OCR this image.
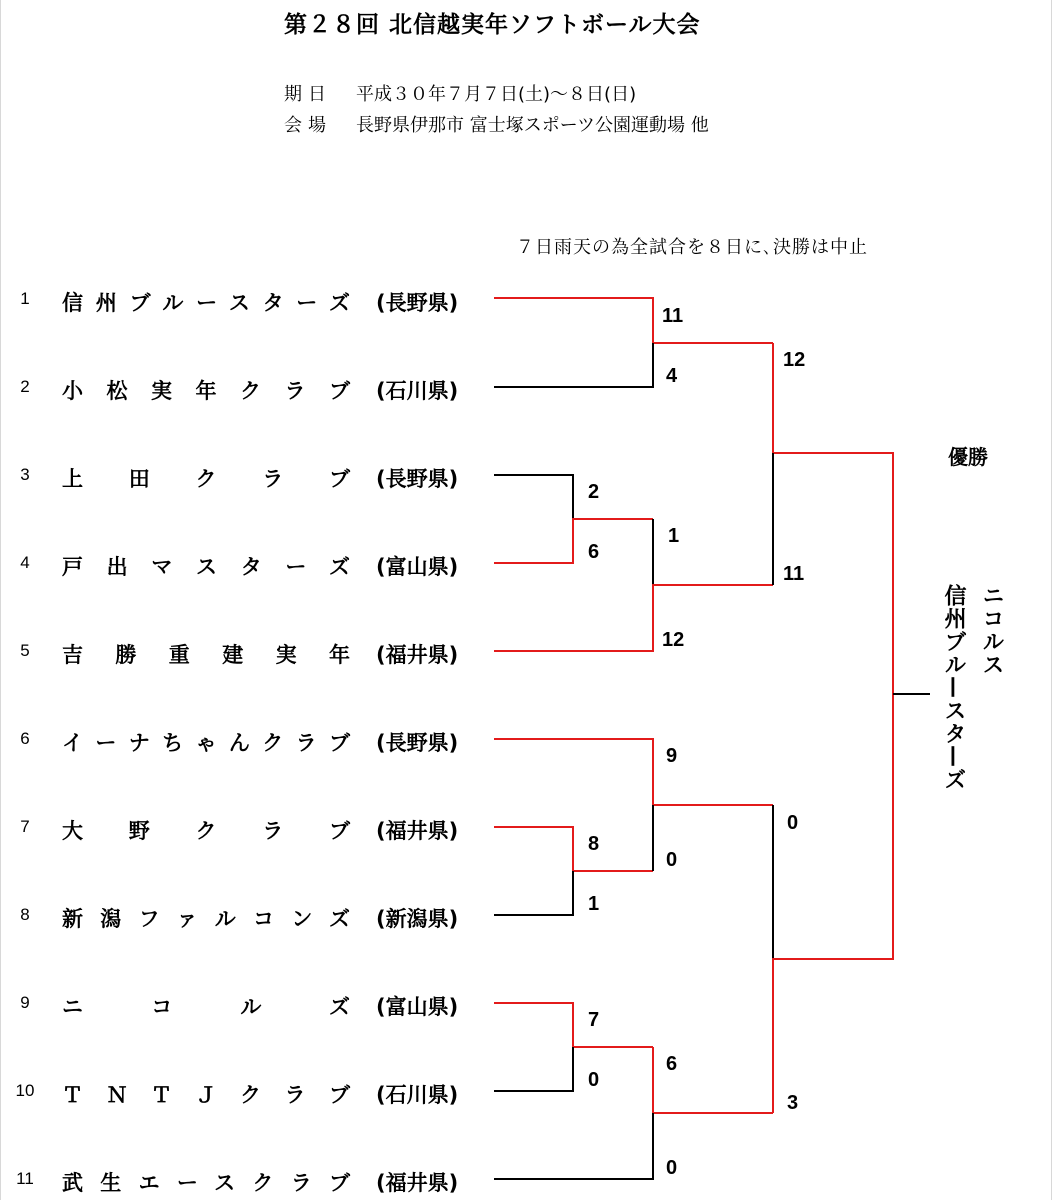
第２８回 北信越実年ソフトボール大会
期日 平成３０年７月７日(土)～８日(日)
会場 長野県伊那市 富士塚スポーツ公園運動場 他
７日雨天の為全試合を８日に､決勝は中止
1	信州ブルースターズ (長野県)
2	小松実年クラブ (石川県)
3	上田クラブ (長野県)
4	戸出マスターズ (富山県)
5	吉勝重建実年 (福井県)
6	イーナちゃんクラブ (長野県)
7	大野クラブ (福井県)
8	新潟ファルコンズ (新潟県)
9	ニコルズ (富山県)
10 ＴＮＴＪクラブ (石川県)
11 武生エースクラブ (福井県)
11
4
2
6
1
12
9
0
8
1
7
0
6
0
12
11
0
3
優勝
信州ブル—スタ—ズ ニコルス
